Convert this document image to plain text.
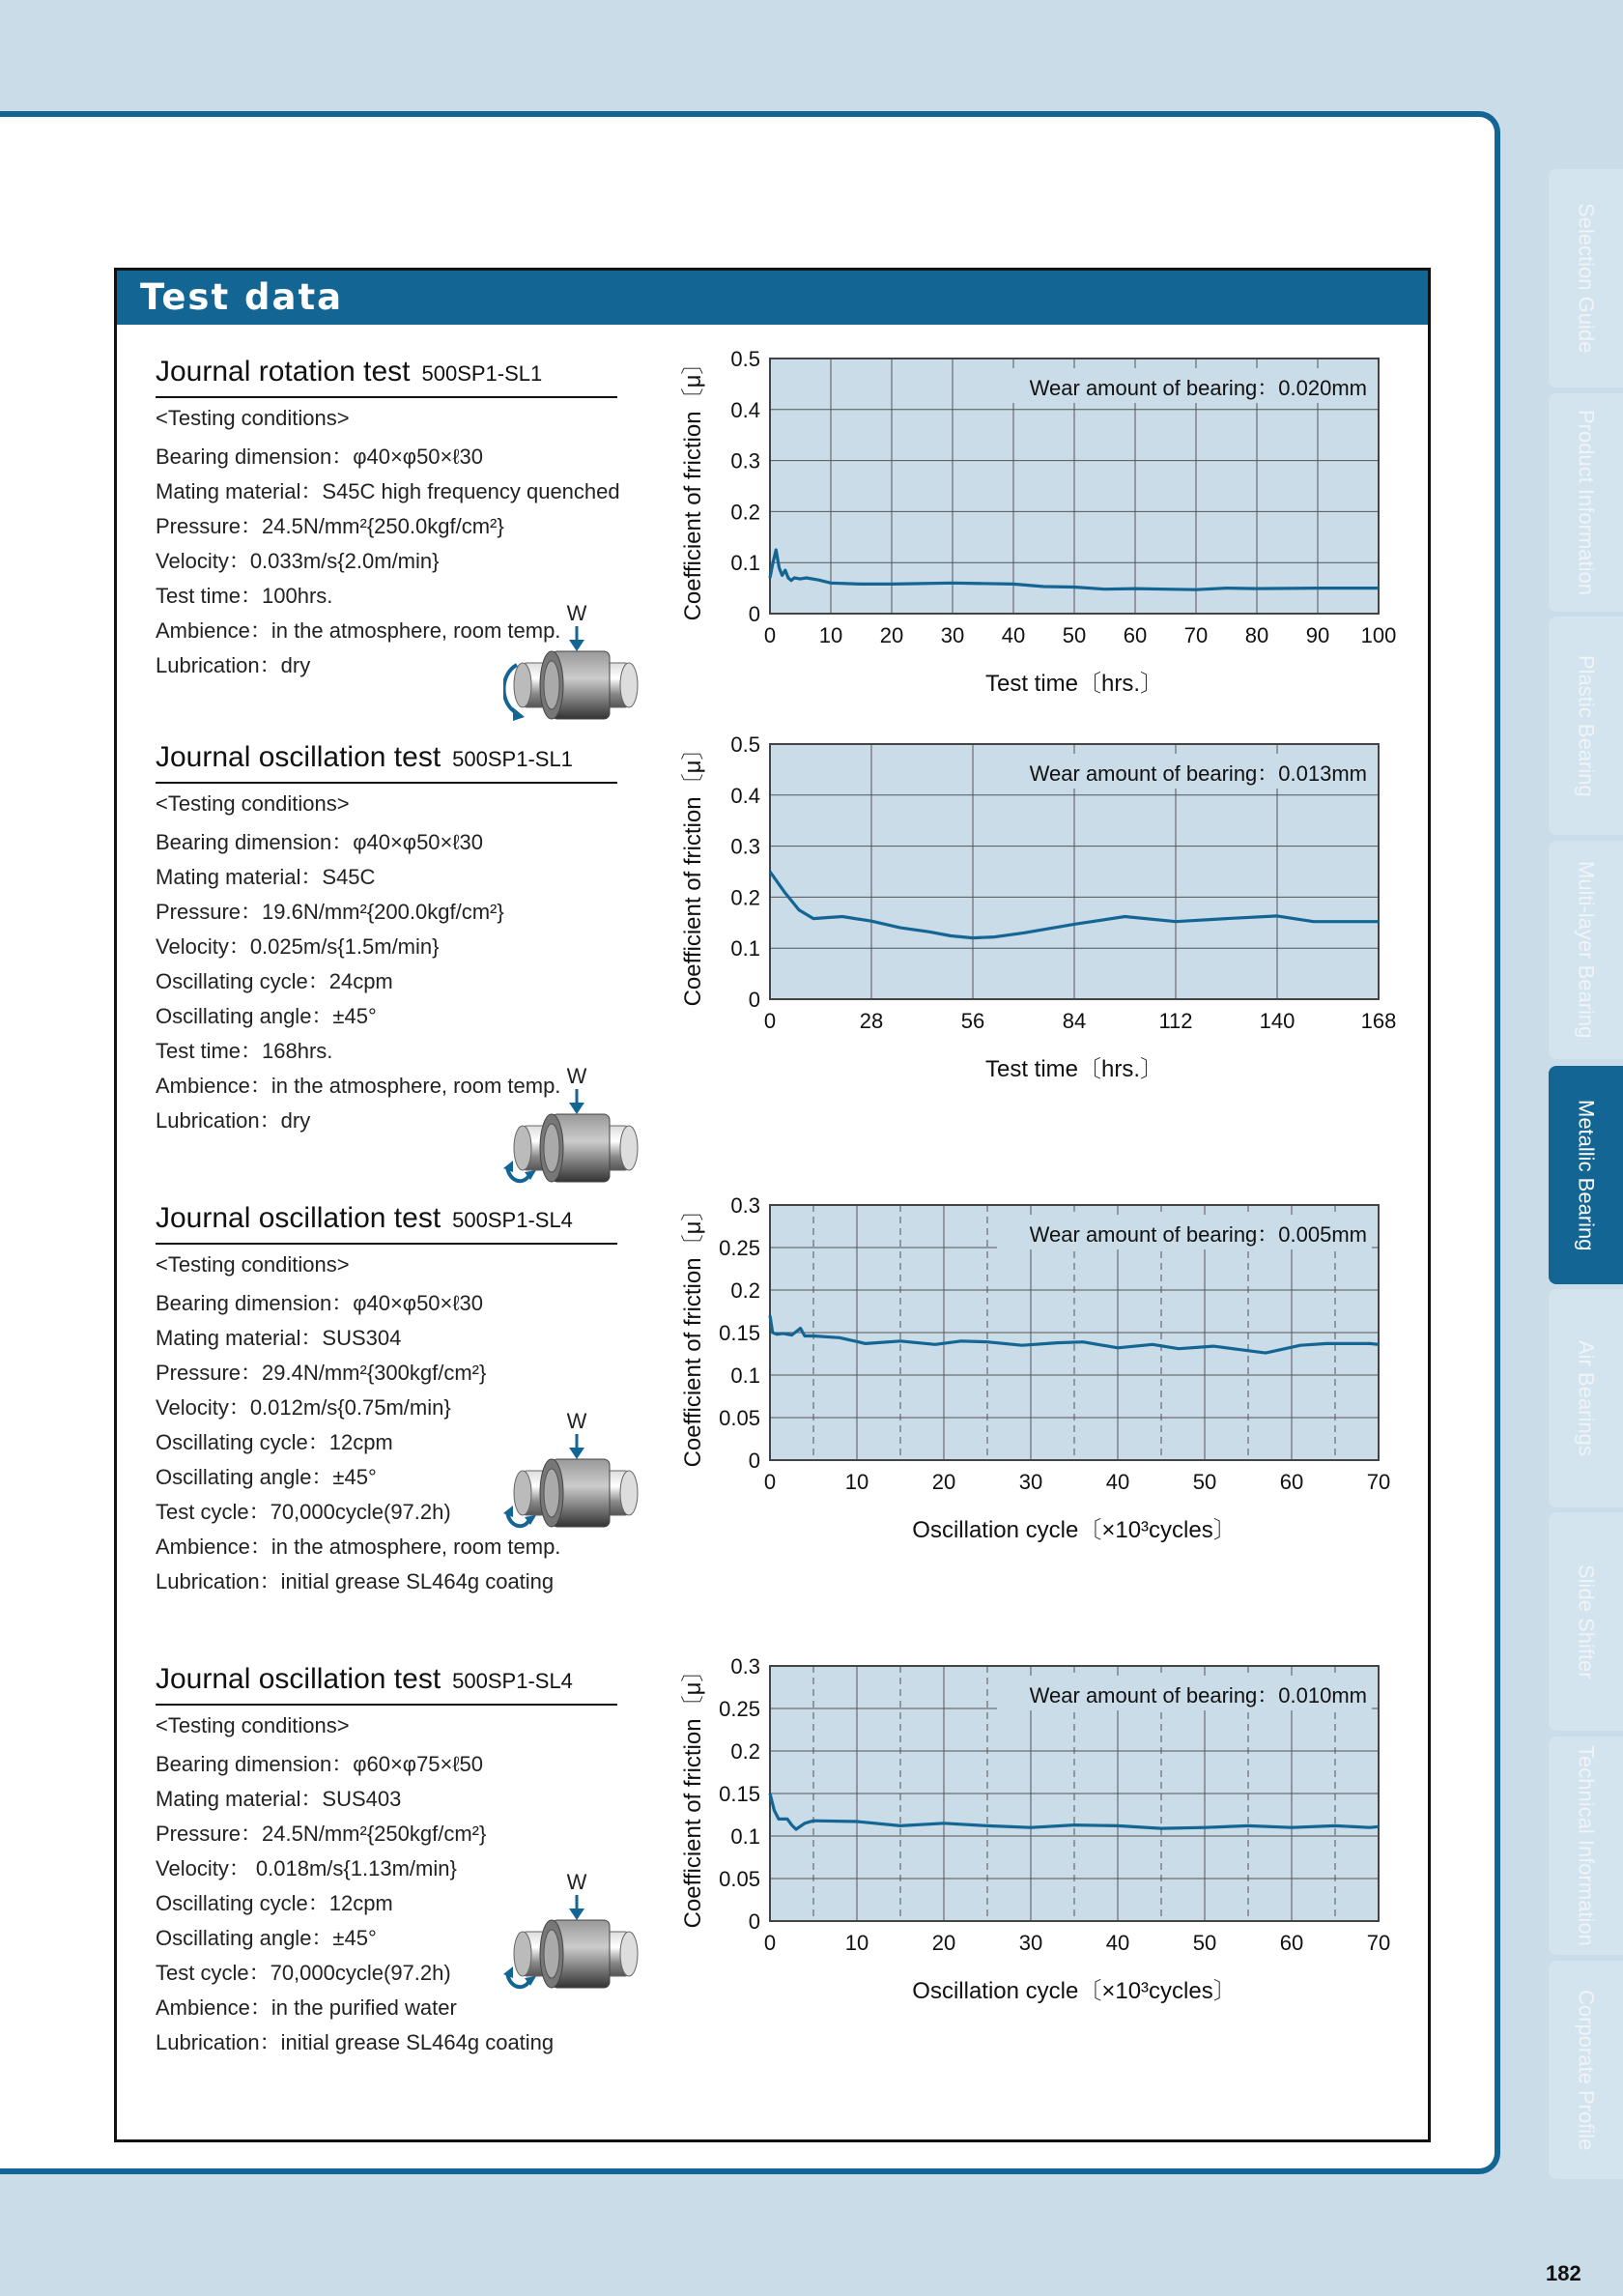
Test data
Journal rotation test 500SP1-SL1
<Testing conditions>
Bearing dimension：φ40×φ50×ℓ30
Mating material：S45C high frequency quenched
Pressure：24.5N/mm²{250.0kgf/cm²}
Velocity：0.033m/s{2.0m/min}
Test time：100hrs.
Ambience：in the atmosphere, room temp.
Lubrication：dry
W
Journal oscillation test 500SP1-SL1
<Testing conditions>
Bearing dimension：φ40×φ50×ℓ30
Mating material：S45C
Pressure：19.6N/mm²{200.0kgf/cm²}
Velocity：0.025m/s{1.5m/min}
Oscillating cycle：24cpm
Oscillating angle：±45°
Test time：168hrs.
Ambience：in the atmosphere, room temp.
Lubrication：dry
W
Journal oscillation test 500SP1-SL4
<Testing conditions>
Bearing dimension：φ40×φ50×ℓ30
Mating material：SUS304
Pressure：29.4N/mm²{300kgf/cm²}
Velocity：0.012m/s{0.75m/min}
Oscillating cycle：12cpm
Oscillating angle：±45°
Test cycle：70,000cycle(97.2h)
Ambience：in the atmosphere, room temp.
Lubrication：initial grease SL464g coating
W
Journal oscillation test 500SP1-SL4
<Testing conditions>
Bearing dimension：φ60×φ75×ℓ50
Mating material：SUS403
Pressure：24.5N/mm²{250kgf/cm²}
Velocity： 0.018m/s{1.13m/min}
Oscillating cycle：12cpm
Oscillating angle：±45°
Test cycle：70,000cycle(97.2h)
Ambience：in the purified water
Lubrication：initial grease SL464g coating
W
0 10 20 30 40 50 60 70 80 90 100
0
0.1
0.2
0.3
0.4
0.5
Wear amount of bearing：0.020mm
Test time〔hrs.〕
Coefficient of friction〔μ〕
0	28	56	84	112	140	168
0
0.1
0.2
0.3
0.4
0.5
Wear amount of bearing：0.013mm
Test time〔hrs.〕
Coefficient of friction〔μ〕
0	10	20	30	40	50	60	70
0
0.05
0.1
0.15
0.2
0.25
0.3
Wear amount of bearing：0.005mm
Oscillation cycle〔×10³cycles〕
Coefficient of friction〔μ〕
0	10	20	30	40	50	60	70
0
0.05
0.1
0.15
0.2
0.25
0.3
Wear amount of bearing：0.010mm
Oscillation cycle〔×10³cycles〕
Coefficient of friction〔μ〕
Selection Guide
Product Information
Plastic Bearing
Multi-layer Bearing
Metallic Bearing
Air Bearings
Slide Shifter
Technical Information
Corporate Profile
182
